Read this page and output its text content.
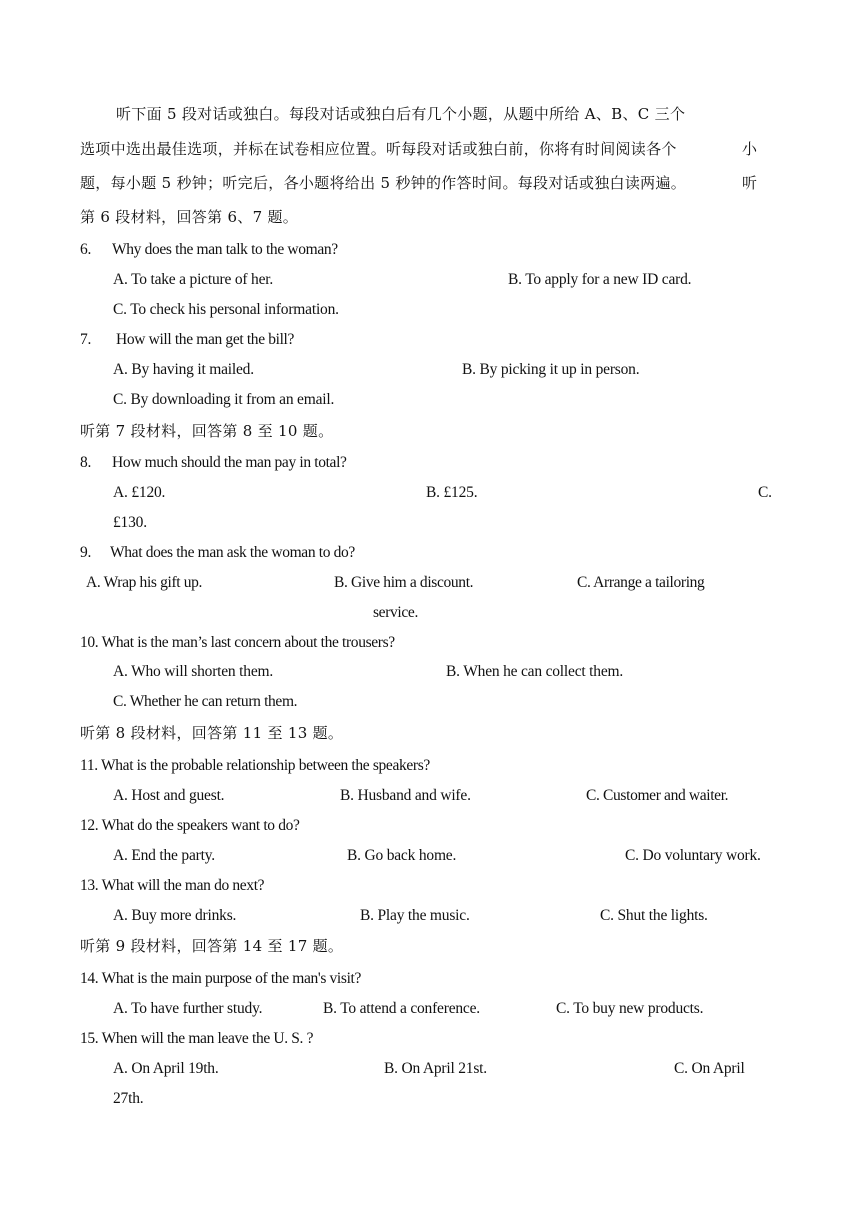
听下面 5 段对话或独白。每段对话或独白后有几个小题，从题中所给 A、B、C 三个
选项中选出最佳选项，并标在试卷相应位置。听每段对话或独白前，你将有时间阅读各个	小
题，每小题 5 秒钟；听完后，各小题将给出 5 秒钟的作答时间。每段对话或独白读两遍。	听
第 6 段材料，回答第 6、7 题。
6. Why does the man talk to the woman?
A. To take a picture of her.	B. To apply for a new ID card.
C. To check his personal information.
7. How will the man get the bill?
A. By having it mailed.	B. By picking it up in person.
C. By downloading it from an email.
听第 7 段材料，回答第 8 至 10 题。
8. How much should the man pay in total?
A. £120.	B. £125.	C.
£130.
9. What does the man ask the woman to do?
A. Wrap his gift up.	B. Give him a discount.	C. Arrange a tailoring
service.
10. What is the man’s last concern about the trousers?
A. Who will shorten them.	B. When he can collect them.
C. Whether he can return them.
听第 8 段材料，回答第 11 至 13 题。
11. What is the probable relationship between the speakers?
A. Host and guest.	B. Husband and wife.	C. Customer and waiter.
12. What do the speakers want to do?
A. End the party.	B. Go back home.	C. Do voluntary work.
13. What will the man do next?
A. Buy more drinks.	B. Play the music.	C. Shut the lights.
听第 9 段材料，回答第 14 至 17 题。
14. What is the main purpose of the man's visit?
A. To have further study.	B. To attend a conference.	C. To buy new products.
15. When will the man leave the U. S. ?
A. On April 19th.	B. On April 21st.	C. On April
27th.
